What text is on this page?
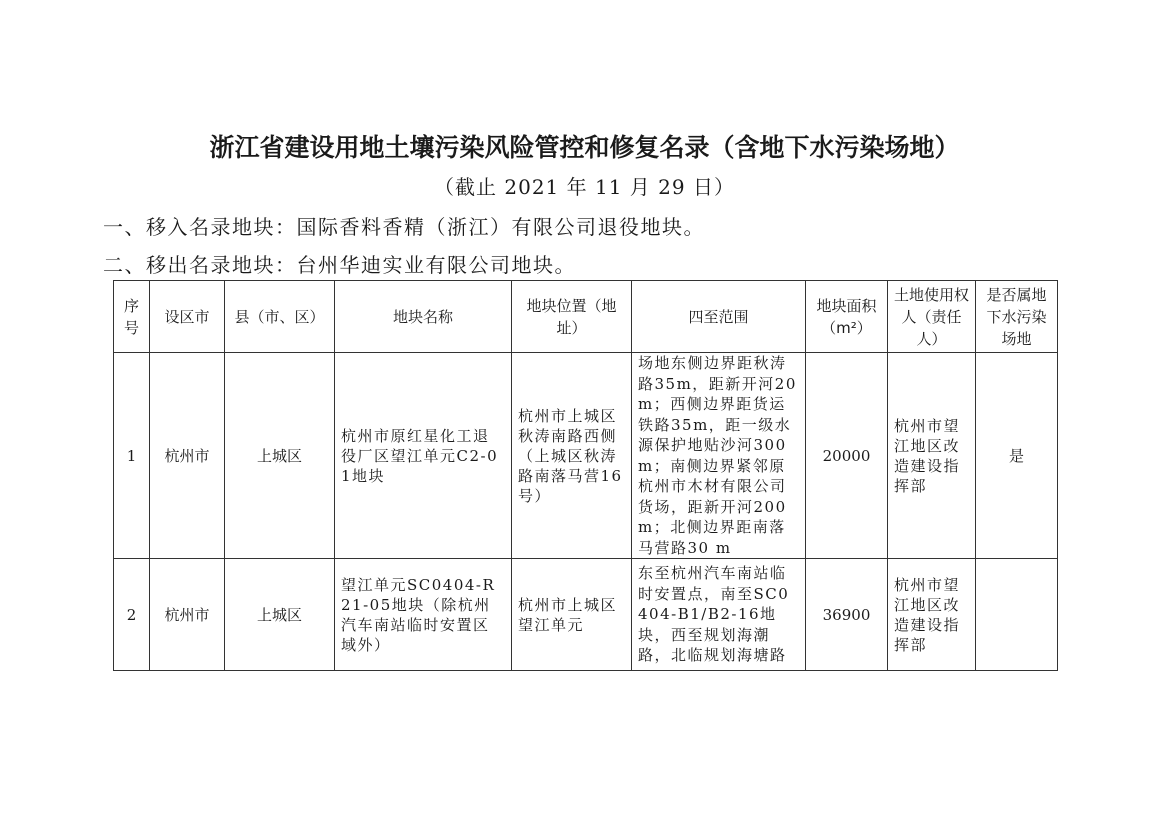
浙江省建设用地土壤污染风险管控和修复名录（含地下水污染场地）
（截止 2021 年 11 月 29 日）
一、移入名录地块：国际香料香精（浙江）有限公司退役地块。
二、移出名录地块：台州华迪实业有限公司地块。
序号	设区市	县（市、区）	地块名称	地块位置（地址）	四至范围	地块面积（m²）	土地使用权人（责任人）	是否属地下水污染场地
1	杭州市	上城区	杭州市原红星化工退役厂区望江单元C2-01地块	杭州市上城区秋涛南路西侧（上城区秋涛路南落马营16号）	场地东侧边界距秋涛路35m，距新开河20m；西侧边界距货运铁路35m，距一级水源保护地贴沙河300m；南侧边界紧邻原杭州市木材有限公司货场，距新开河200m；北侧边界距南落马营路30 m	20000	杭州市望江地区改造建设指挥部	是
2	杭州市	上城区	望江单元SC0404-R21-05地块（除杭州汽车南站临时安置区域外）	杭州市上城区望江单元	东至杭州汽车南站临时安置点，南至SC0404-B1/B2-16地块，西至规划海潮路，北临规划海塘路	36900	杭州市望江地区改造建设指挥部	
